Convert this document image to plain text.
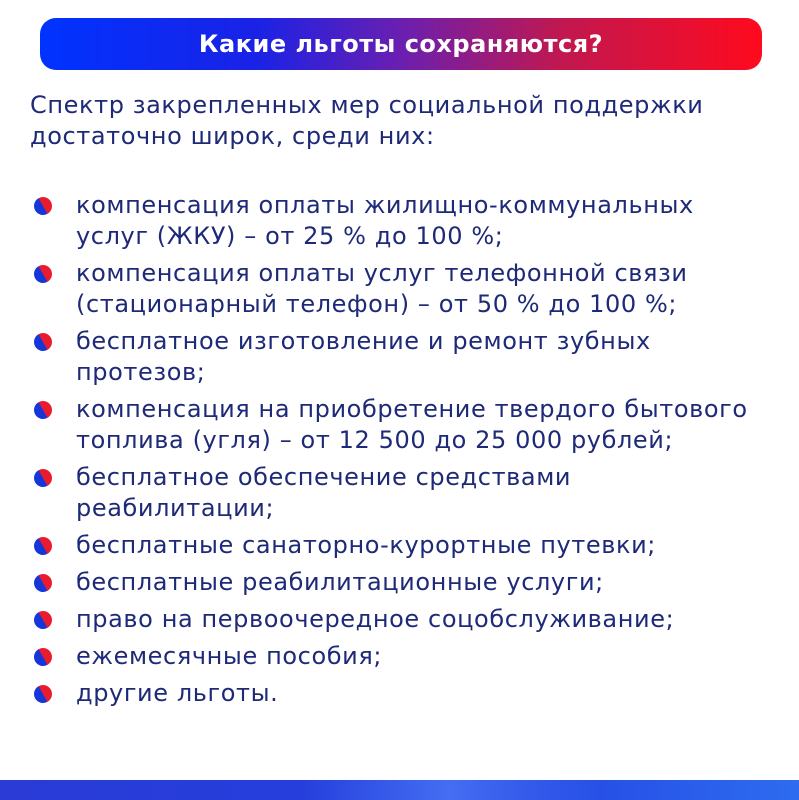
Какие льготы сохраняются?
Спектр закрепленных мер социальной поддержки достаточно широк, среди них:
компенсация оплаты жилищно-коммунальных услуг (ЖКУ) – от 25 % до 100 %;
компенсация оплаты услуг телефонной связи (стационарный телефон) – от 50 % до 100 %;
бесплатное изготовление и ремонт зубных протезов;
компенсация на приобретение твердого бытового топлива (угля) – от 12 500 до 25 000 рублей;
бесплатное обеспечение средствами реабилитации;
бесплатные санаторно-курортные путевки;
бесплатные реабилитационные услуги;
право на первоочередное соцобслуживание;
ежемесячные пособия;
другие льготы.
